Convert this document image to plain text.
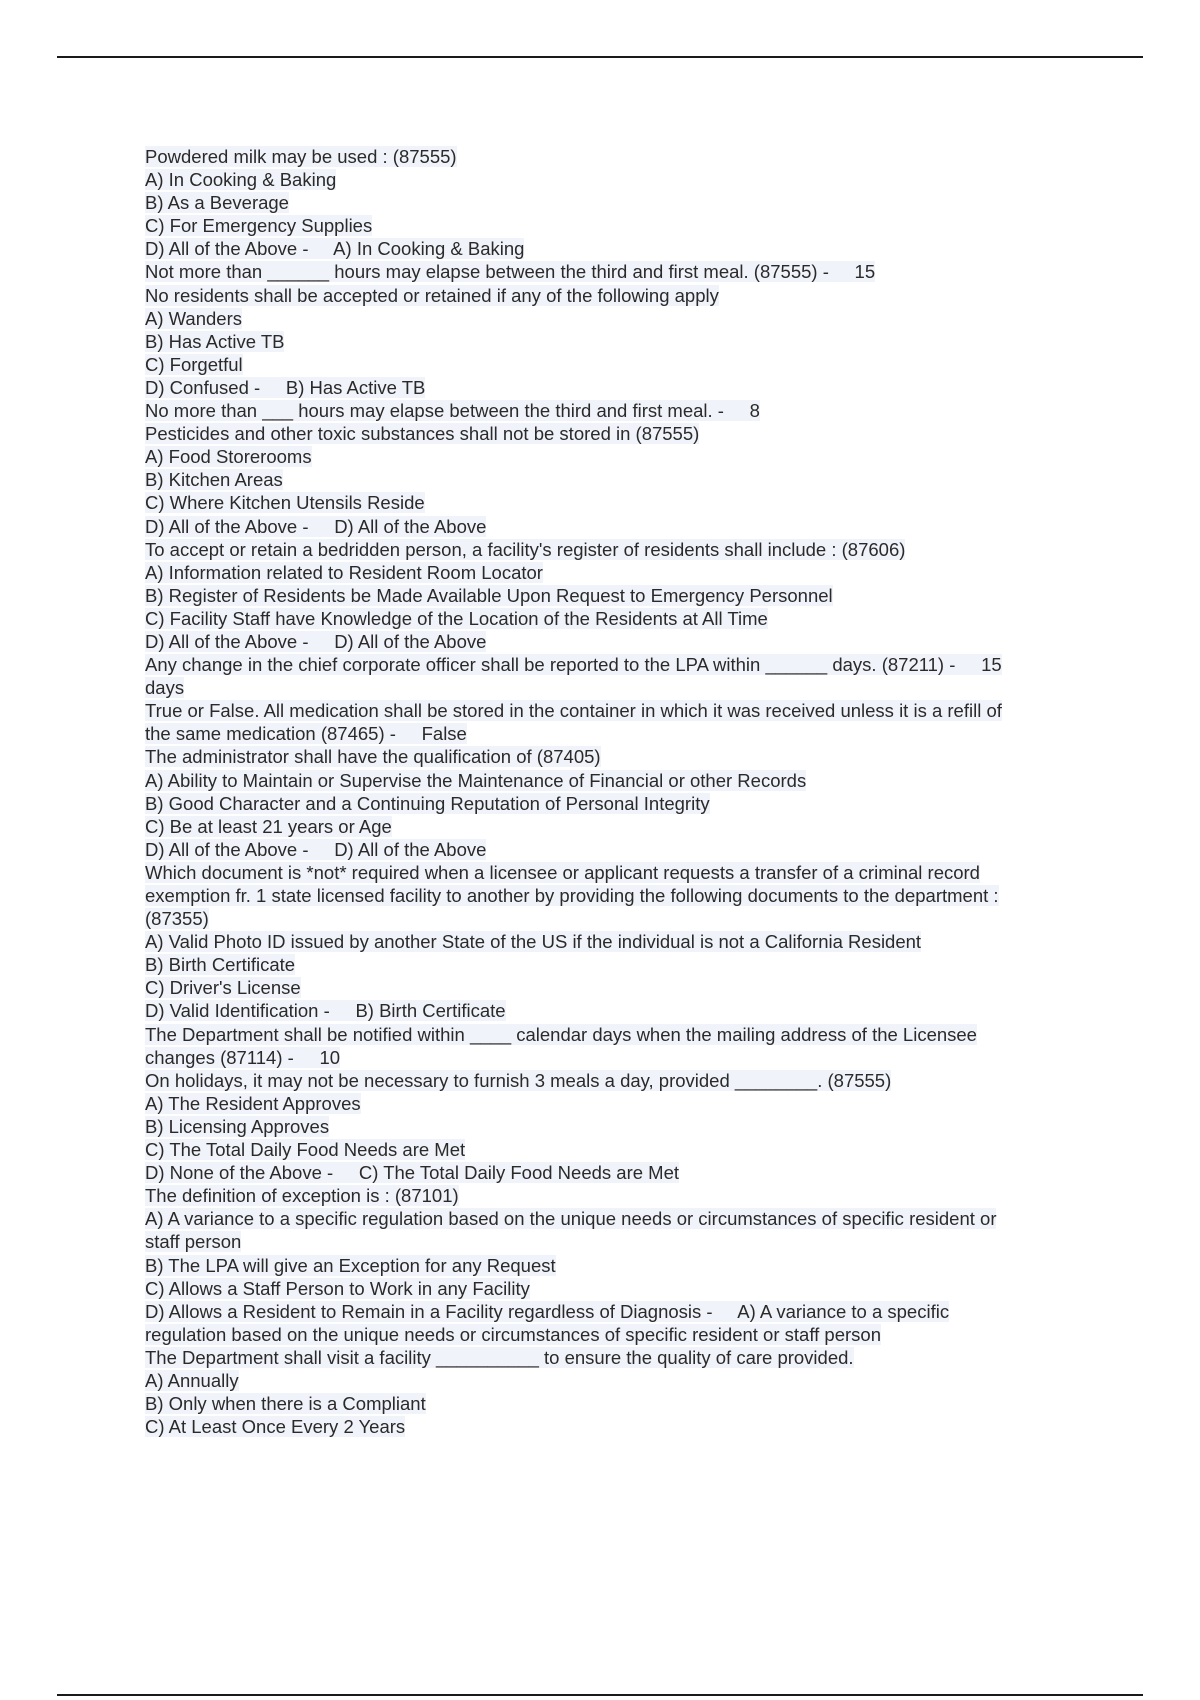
Powdered milk may be used : (87555)
A) In Cooking & Baking
B) As a Beverage
C) For Emergency Supplies
D) All of the Above -     A) In Cooking & Baking
Not more than ______ hours may elapse between the third and first meal. (87555) -     15
No residents shall be accepted or retained if any of the following apply
A) Wanders
B) Has Active TB
C) Forgetful
D) Confused -     B) Has Active TB
No more than ___ hours may elapse between the third and first meal. -     8
Pesticides and other toxic substances shall not be stored in (87555)
A) Food Storerooms
B) Kitchen Areas
C) Where Kitchen Utensils Reside
D) All of the Above -     D) All of the Above
To accept or retain a bedridden person, a facility's register of residents shall include : (87606)
A) Information related to Resident Room Locator
B) Register of Residents be Made Available Upon Request to Emergency Personnel
C) Facility Staff have Knowledge of the Location of the Residents at All Time
D) All of the Above -     D) All of the Above
Any change in the chief corporate officer shall be reported to the LPA within ______ days. (87211) -     15
days
True or False. All medication shall be stored in the container in which it was received unless it is a refill of
the same medication (87465) -     False
The administrator shall have the qualification of (87405)
A) Ability to Maintain or Supervise the Maintenance of Financial or other Records
B) Good Character and a Continuing Reputation of Personal Integrity
C) Be at least 21 years or Age
D) All of the Above -     D) All of the Above
Which document is *not* required when a licensee or applicant requests a transfer of a criminal record
exemption fr. 1 state licensed facility to another by providing the following documents to the department :
(87355)
A) Valid Photo ID issued by another State of the US if the individual is not a California Resident
B) Birth Certificate
C) Driver's License
D) Valid Identification -     B) Birth Certificate
The Department shall be notified within ____ calendar days when the mailing address of the Licensee
changes (87114) -     10
On holidays, it may not be necessary to furnish 3 meals a day, provided ________. (87555)
A) The Resident Approves
B) Licensing Approves
C) The Total Daily Food Needs are Met
D) None of the Above -     C) The Total Daily Food Needs are Met
The definition of exception is : (87101)
A) A variance to a specific regulation based on the unique needs or circumstances of specific resident or
staff person
B) The LPA will give an Exception for any Request
C) Allows a Staff Person to Work in any Facility
D) Allows a Resident to Remain in a Facility regardless of Diagnosis -     A) A variance to a specific
regulation based on the unique needs or circumstances of specific resident or staff person
The Department shall visit a facility __________ to ensure the quality of care provided.
A) Annually
B) Only when there is a Compliant
C) At Least Once Every 2 Years
